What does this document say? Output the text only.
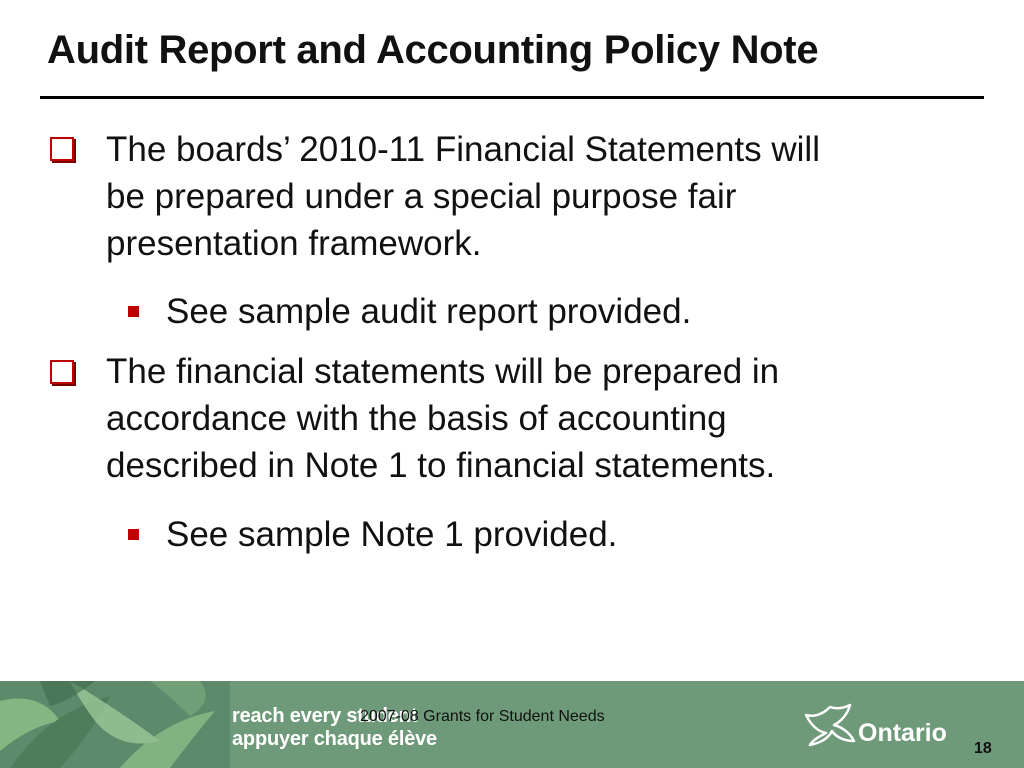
Audit Report and Accounting Policy Note
The boards’ 2010-11 Financial Statements will
be prepared under a special purpose fair
presentation framework.
See sample audit report provided.
The financial statements will be prepared in
accordance with the basis of accounting
described in Note 1 to financial statements.
See sample Note 1 provided.
reach every student
appuyer chaque élève
2007-08 Grants for Student Needs
Ontario
18
